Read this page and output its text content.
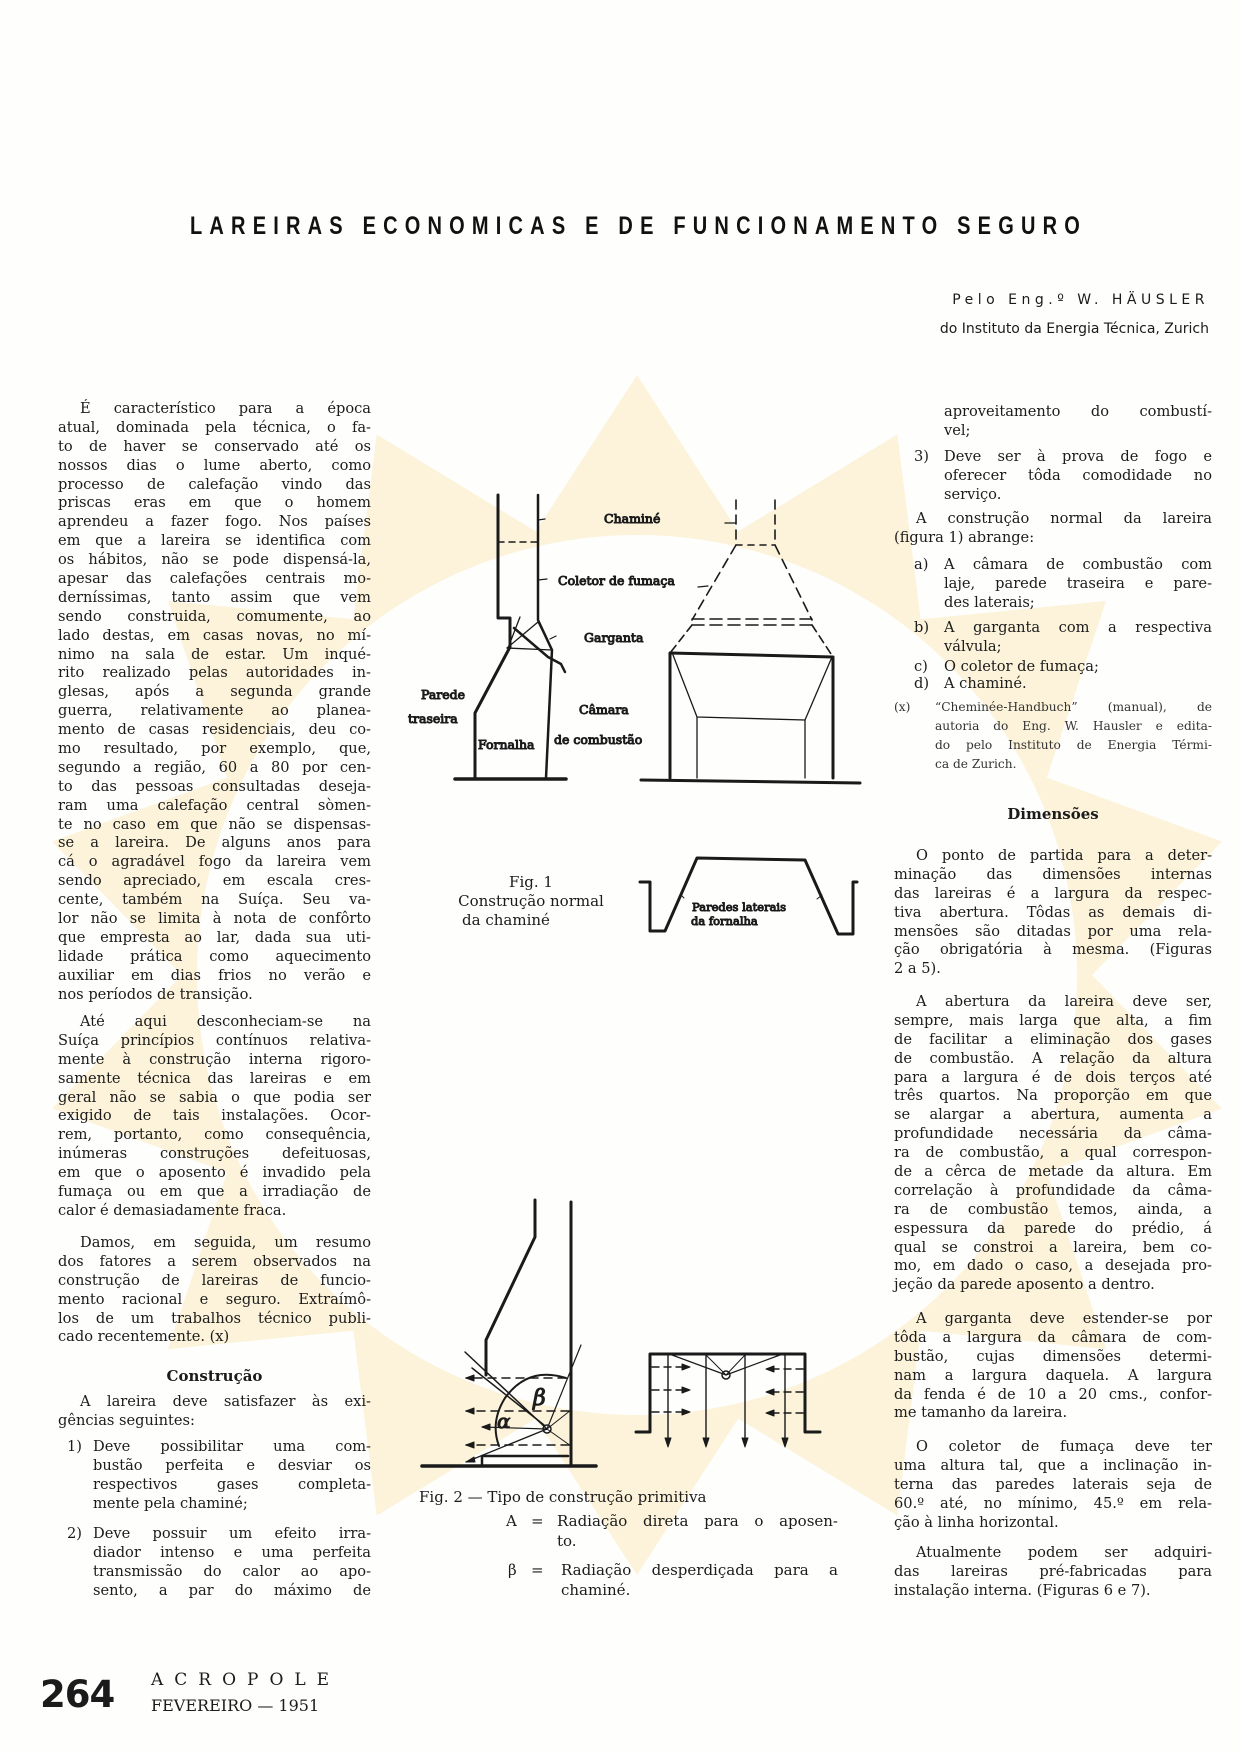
LAREIRAS ECONOMICAS E DE FUNCIONAMENTO SEGURO
Pelo Eng.º W. HÄUSLER
do Instituto da Energia Técnica, Zurich
É característico para a época
atual, dominada pela técnica, o fa-
to de haver se conservado até os
nossos dias o lume aberto, como
processo de calefação vindo das
priscas eras em que o homem
aprendeu a fazer fogo. Nos países
em que a lareira se identifica com
os hábitos, não se pode dispensá-la,
apesar das calefações centrais mo-
derníssimas, tanto assim que vem
sendo construida, comumente, ao
lado destas, em casas novas, no mí-
nimo na sala de estar. Um inqué-
rito realizado pelas autoridades in-
glesas, após a segunda grande
guerra, relativamente ao planea-
mento de casas residenciais, deu co-
mo resultado, por exemplo, que,
segundo a região, 60 a 80 por cen-
to das pessoas consultadas deseja-
ram uma calefação central sòmen-
te no caso em que não se dispensas-
se a lareira. De alguns anos para
cá o agradável fogo da lareira vem
sendo apreciado, em escala cres-
cente, também na Suíça. Seu va-
lor não se limita à nota de confôrto
que empresta ao lar, dada sua uti-
lidade prática como aquecimento
auxiliar em dias frios no verão e
nos períodos de transição.
Até aqui desconheciam-se na
Suíça princípios contínuos relativa-
mente à construção interna rigoro-
samente técnica das lareiras e em
geral não se sabia o que podia ser
exigido de tais instalações. Ocor-
rem, portanto, como consequência,
inúmeras construções defeituosas,
em que o aposento é invadido pela
fumaça ou em que a irradiação de
calor é demasiadamente fraca.
Damos, em seguida, um resumo
dos fatores a serem observados na
construção de lareiras de funcio-
mento racional e seguro. Extraímô-
los de um trabalhos técnico publi-
cado recentemente. (x)
Construção
A lareira deve satisfazer às exi-
gências seguintes:
1) Deve possibilitar uma com-
bustão perfeita e desviar os
respectivos gases completa-
mente pela chaminé;
2) Deve possuir um efeito irra-
diador intenso e uma perfeita
transmissão do calor ao apo-
sento, a par do máximo de
aproveitamento do combustí-
vel;
3) Deve ser à prova de fogo e
oferecer tôda comodidade no
serviço.
A construção normal da lareira
(figura 1) abrange:
a) A câmara de combustão com
laje, parede traseira e pare-
des laterais;
b) A garganta com a respectiva
válvula;
c) O coletor de fumaça;
d) A chaminé.
(x) “Cheminée-Handbuch” (manual), de
autoria do Eng. W. Hausler e edita-
do pelo Instituto de Energia Térmi-
ca de Zurich.
Dimensões
O ponto de partida para a deter-
minação das dimensões internas
das lareiras é a largura da respec-
tiva abertura. Tôdas as demais di-
mensões são ditadas por uma rela-
ção obrigatória à mesma. (Figuras
2 a 5).
A abertura da lareira deve ser,
sempre, mais larga que alta, a fim
de facilitar a eliminação dos gases
de combustão. A relação da altura
para a largura é de dois terços até
três quartos. Na proporção em que
se alargar a abertura, aumenta a
profundidade necessária da câma-
ra de combustão, a qual correspon-
de a cêrca de metade da altura. Em
correlação à profundidade da câma-
ra de combustão temos, ainda, a
espessura da parede do prédio, á
qual se constroi a lareira, bem co-
mo, em dado o caso, a desejada pro-
jeção da parede aposento a dentro.
A garganta deve estender-se por
tôda a largura da câmara de com-
bustão, cujas dimensões determi-
nam a largura daquela. A largura
da fenda é de 10 a 20 cms., confor-
me tamanho da lareira.
O coletor de fumaça deve ter
uma altura tal, que a inclinação in-
terna das paredes laterais seja de
60.º até, no mínimo, 45.º em rela-
ção à linha horizontal.
Atualmente podem ser adquiri-
das lareiras pré-fabricadas para
instalação interna. (Figuras 6 e 7).
Chaminé
Coletor de fumaça
Garganta
Parede
traseira
Câmara
de combustão
Fornalha
Paredes laterais
da fornalha
β
α
Fig. 1
Construção normal
da chaminé
Fig. 2 — Tipo de construção primitiva
A = Radiação direta para o aposen-
to.
β = Radiação desperdiçada para a
chaminé.
264 ACROPOLE
FEVEREIRO — 1951
